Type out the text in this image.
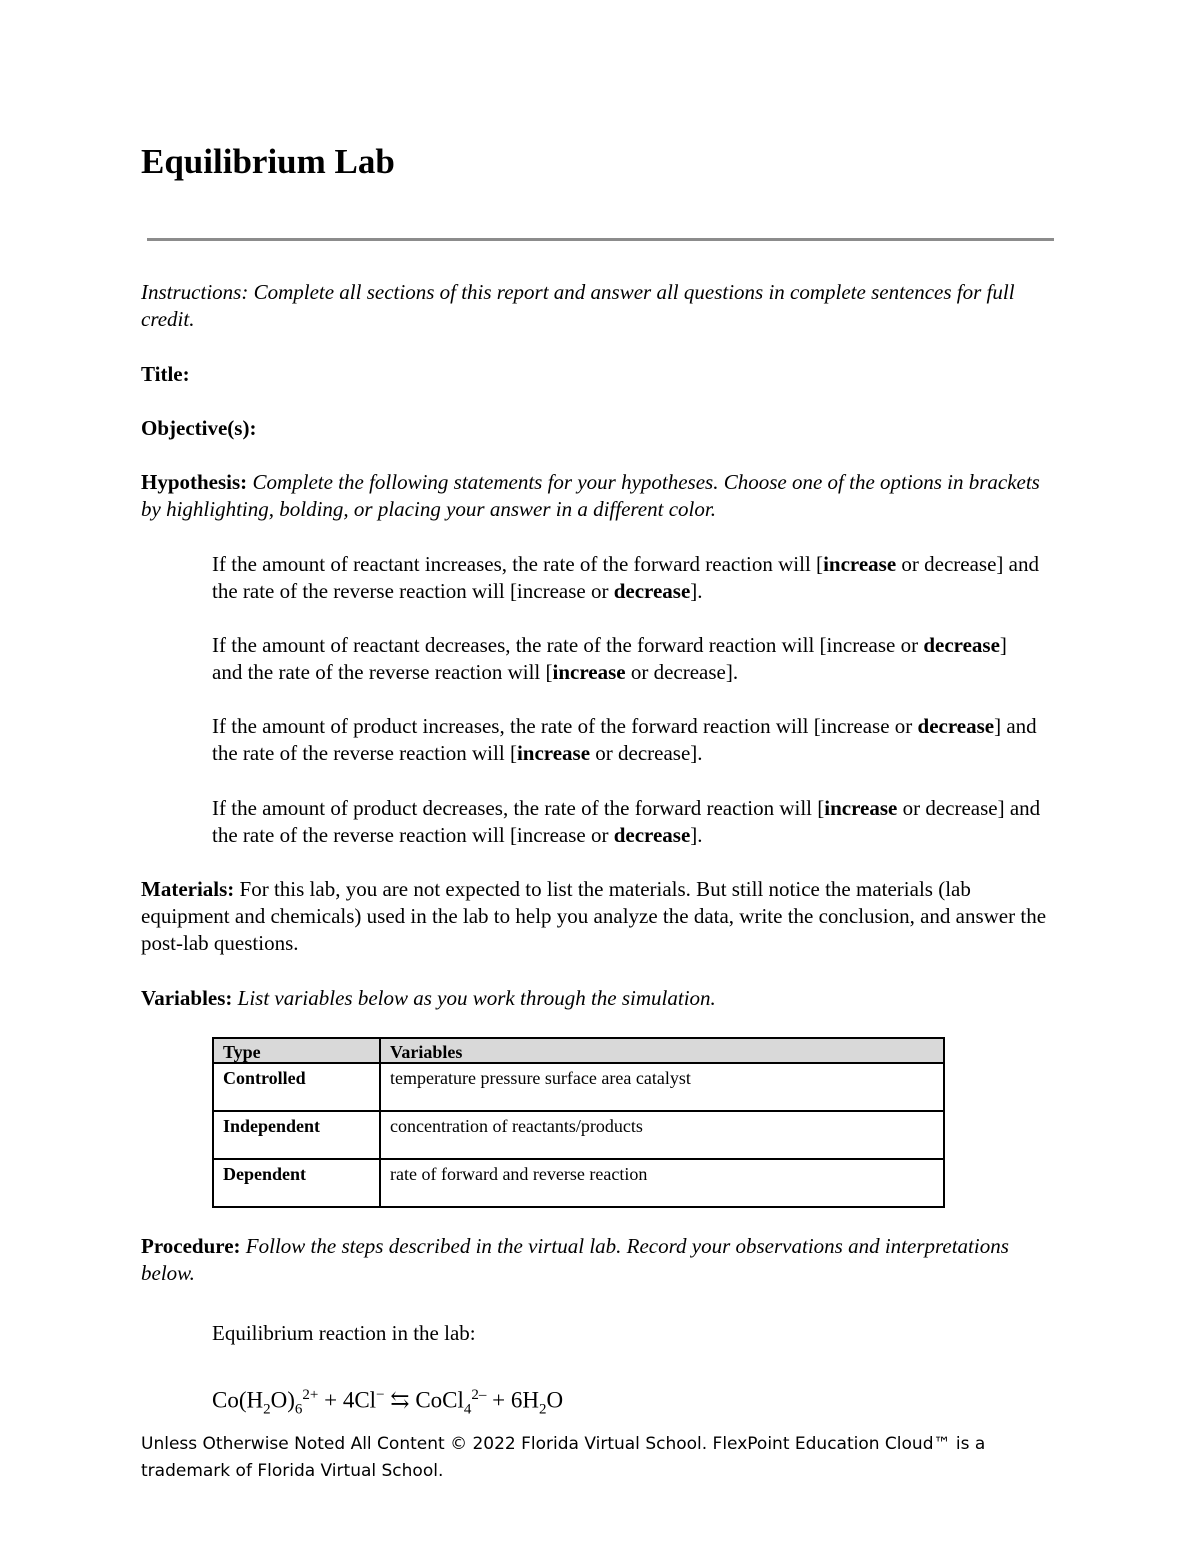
Equilibrium Lab

Instructions: Complete all sections of this report and answer all questions in complete sentences for full credit.

Title:

Objective(s):

Hypothesis: Complete the following statements for your hypotheses. Choose one of the options in brackets by highlighting, bolding, or placing your answer in a different color.

If the amount of reactant increases, the rate of the forward reaction will [increase or decrease] and the rate of the reverse reaction will [increase or decrease].

If the amount of reactant decreases, the rate of the forward reaction will [increase or decrease] and the rate of the reverse reaction will [increase or decrease].

If the amount of product increases, the rate of the forward reaction will [increase or decrease] and the rate of the reverse reaction will [increase or decrease].

If the amount of product decreases, the rate of the forward reaction will [increase or decrease] and the rate of the reverse reaction will [increase or decrease].

Materials: For this lab, you are not expected to list the materials. But still notice the materials (lab equipment and chemicals) used in the lab to help you analyze the data, write the conclusion, and answer the post-lab questions.

Variables: List variables below as you work through the simulation.

Type	Variables
Controlled	temperature pressure surface area catalyst
Independent	concentration of reactants/products
Dependent	rate of forward and reverse reaction

Procedure: Follow the steps described in the virtual lab. Record your observations and interpretations below.

Equilibrium reaction in the lab:

$Co(H_2O)_6^{2+} + 4Cl^-$ ⇆ CoCl$_4^{2-}$ + $6H_2O$

Unless Otherwise Noted All Content © 2022 Florida Virtual School. FlexPoint Education Cloud™ is a trademark of Florida Virtual School.
